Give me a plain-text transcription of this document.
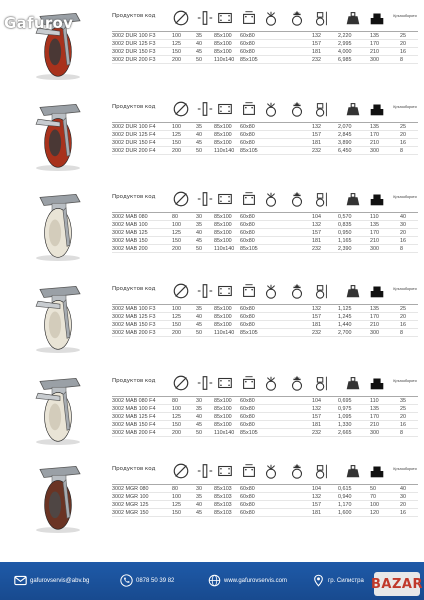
Gafurov	Продуктов код	Кръгообороти
3002 DUR 100 F3	100	35 85x100 60x80	132	2,220	135	25
3002 DUR 125 F3	125	40 85x100 60x80	157	2,995	170	20
3002 DUR 150 F3	150	45 85x100 60x80	181	4,000	210	16
3002 DUR 200 F3	200	50 110x140 85x105	232	6,985	300	8
Продуктов код	Кръгообороти
3002 DUR 100 F4	100	35 85x100 60x80	132	2,070	135	25
3002 DUR 125 F4	125	40 85x100 60x80	157	2,845	170	20
3002 DUR 150 F4	150	45 85x100 60x80	181	3,890	210	16
3002 DUR 200 F4	200	50 110x140 85x105	232	6,450	300	8
Продуктов код	Кръгообороти
3002 MAB 080	80	30 85x100 60x80	104	0,570	110	40
3002 MAB 100	100	35 85x100 60x80	132	0,835	135	30
3002 MAB 125	125	40 85x100 60x80	157	0,950	170	20
3002 MAB 150	150	45 85x100 60x80	181	1,165	210	16
3002 MAB 200	200	50 110x140 85x105	232	2,390	300	8
Продуктов код	Кръгообороти
3002 MAB 100 F3	100	35 85x100 60x80	132	1,125	135	25
3002 MAB 125 F3	125	40 85x100 60x80	157	1,245	170	20
3002 MAB 150 F3	150	45 85x100 60x80	181	1,440	210	16
3002 MAB 200 F3	200	50 110x140 85x105	232	2,700	300	8
Продуктов код	Кръгообороти
3002 MAB 080 F4	80	30 85x100 60x80	104	0,695	110	35
3002 MAB 100 F4	100	35 85x100 60x80	132	0,975	135	25
3002 MAB 125 F4	125	40 85x100 60x80	157	1,095	170	20
3002 MAB 150 F4	150	45 85x100 60x80	181	1,330	210	16
3002 MAB 200 F4	200	50 110x140 85x105	232	2,665	300	8
Продуктов код	Кръгообороти
3002 MGR 080	80	30 85x103 60x80	104	0,615	50	40
3002 MGR 100	100	35 85x103 60x80	132	0,940	70	30
3002 MGR 125	125	40 85x103 60x80	157	1,170	100	20
3002 MGR 150	150	45 85x103 60x80	181	1,600	120	16
gafurovservis@abv.bg	0878 50 39 82	www.gafurovservis.com	гр. Силистра BAZAR
